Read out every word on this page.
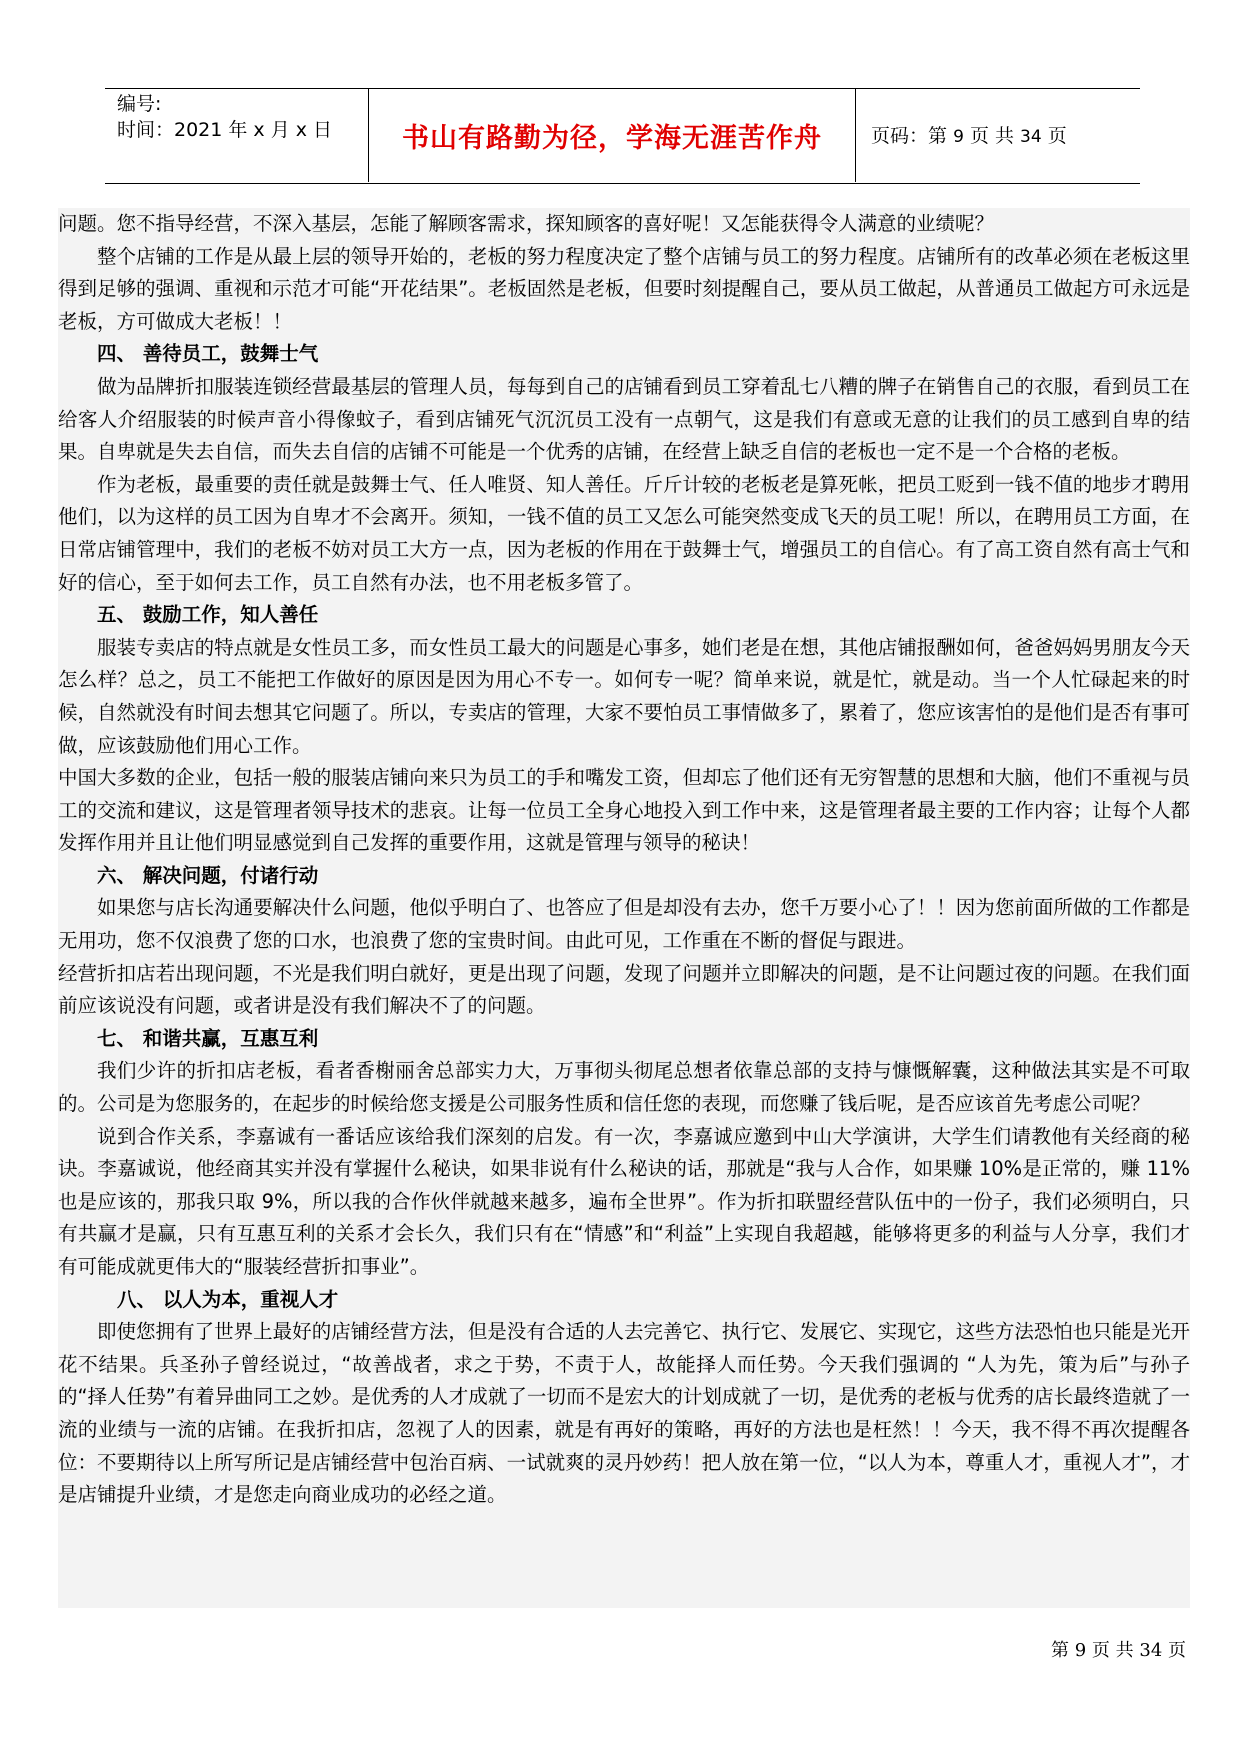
编号:
时间：2021 年 x 月 x 日	书山有路勤为径，学海无涯苦作舟	页码：第 9 页 共 34 页

问题。您不指导经营，不深入基层，怎能了解顾客需求，探知顾客的喜好呢！又怎能获得令人满意的业绩呢？

整个店铺的工作是从最上层的领导开始的，老板的努力程度决定了整个店铺与员工的努力程度。店铺所有的改革必须在老板这里得到足够的强调、重视和示范才可能“开花结果”。老板固然是老板，但要时刻提醒自己，要从员工做起，从普通员工做起方可永远是老板，方可做成大老板！！

四、 善待员工，鼓舞士气

做为品牌折扣服装连锁经营最基层的管理人员，每每到自己的店铺看到员工穿着乱七八糟的牌子在销售自己的衣服，看到员工在给客人介绍服装的时候声音小得像蚊子，看到店铺死气沉沉员工没有一点朝气，这是我们有意或无意的让我们的员工感到自卑的结果。自卑就是失去自信，而失去自信的店铺不可能是一个优秀的店铺，在经营上缺乏自信的老板也一定不是一个合格的老板。

作为老板，最重要的责任就是鼓舞士气、任人唯贤、知人善任。斤斤计较的老板老是算死帐，把员工贬到一钱不值的地步才聘用他们，以为这样的员工因为自卑才不会离开。须知，一钱不值的员工又怎么可能突然变成飞天的员工呢！所以，在聘用员工方面，在日常店铺管理中，我们的老板不妨对员工大方一点，因为老板的作用在于鼓舞士气，增强员工的自信心。有了高工资自然有高士气和好的信心，至于如何去工作，员工自然有办法，也不用老板多管了。

五、 鼓励工作，知人善任

服装专卖店的特点就是女性员工多，而女性员工最大的问题是心事多，她们老是在想，其他店铺报酬如何，爸爸妈妈男朋友今天怎么样？总之，员工不能把工作做好的原因是因为用心不专一。如何专一呢？简单来说，就是忙，就是动。当一个人忙碌起来的时候，自然就没有时间去想其它问题了。所以，专卖店的管理，大家不要怕员工事情做多了，累着了，您应该害怕的是他们是否有事可做，应该鼓励他们用心工作。

中国大多数的企业，包括一般的服装店铺向来只为员工的手和嘴发工资，但却忘了他们还有无穷智慧的思想和大脑，他们不重视与员工的交流和建议，这是管理者领导技术的悲哀。让每一位员工全身心地投入到工作中来，这是管理者最主要的工作内容；让每个人都发挥作用并且让他们明显感觉到自己发挥的重要作用，这就是管理与领导的秘诀！

六、 解决问题，付诸行动

如果您与店长沟通要解决什么问题，他似乎明白了、也答应了但是却没有去办，您千万要小心了！！因为您前面所做的工作都是无用功，您不仅浪费了您的口水，也浪费了您的宝贵时间。由此可见，工作重在不断的督促与跟进。

经营折扣店若出现问题，不光是我们明白就好，更是出现了问题，发现了问题并立即解决的问题，是不让问题过夜的问题。在我们面前应该说没有问题，或者讲是没有我们解决不了的问题。

七、 和谐共赢，互惠互利

我们少许的折扣店老板，看者香榭丽舍总部实力大，万事彻头彻尾总想者依靠总部的支持与慷慨解囊，这种做法其实是不可取的。公司是为您服务的，在起步的时候给您支援是公司服务性质和信任您的表现，而您赚了钱后呢，是否应该首先考虑公司呢？

说到合作关系，李嘉诚有一番话应该给我们深刻的启发。有一次，李嘉诚应邀到中山大学演讲，大学生们请教他有关经商的秘诀。李嘉诚说，他经商其实并没有掌握什么秘诀，如果非说有什么秘诀的话，那就是“我与人合作，如果赚 10%是正常的，赚 11%也是应该的，那我只取 9%，所以我的合作伙伴就越来越多，遍布全世界”。作为折扣联盟经营队伍中的一份子，我们必须明白，只有共赢才是赢，只有互惠互利的关系才会长久，我们只有在“情感”和“利益”上实现自我超越，能够将更多的利益与人分享，我们才有可能成就更伟大的“服装经营折扣事业”。

八、 以人为本，重视人才

即使您拥有了世界上最好的店铺经营方法，但是没有合适的人去完善它、执行它、发展它、实现它，这些方法恐怕也只能是光开花不结果。兵圣孙子曾经说过，“故善战者，求之于势，不责于人，故能择人而任势。今天我们强调的 “人为先，策为后”与孙子的“择人任势”有着异曲同工之妙。是优秀的人才成就了一切而不是宏大的计划成就了一切，是优秀的老板与优秀的店长最终造就了一流的业绩与一流的店铺。在我折扣店，忽视了人的因素，就是有再好的策略，再好的方法也是枉然！！今天，我不得不再次提醒各位：不要期待以上所写所记是店铺经营中包治百病、一试就爽的灵丹妙药！把人放在第一位，“以人为本，尊重人才，重视人才”，才是店铺提升业绩，才是您走向商业成功的必经之道。

第 9 页 共 34 页
